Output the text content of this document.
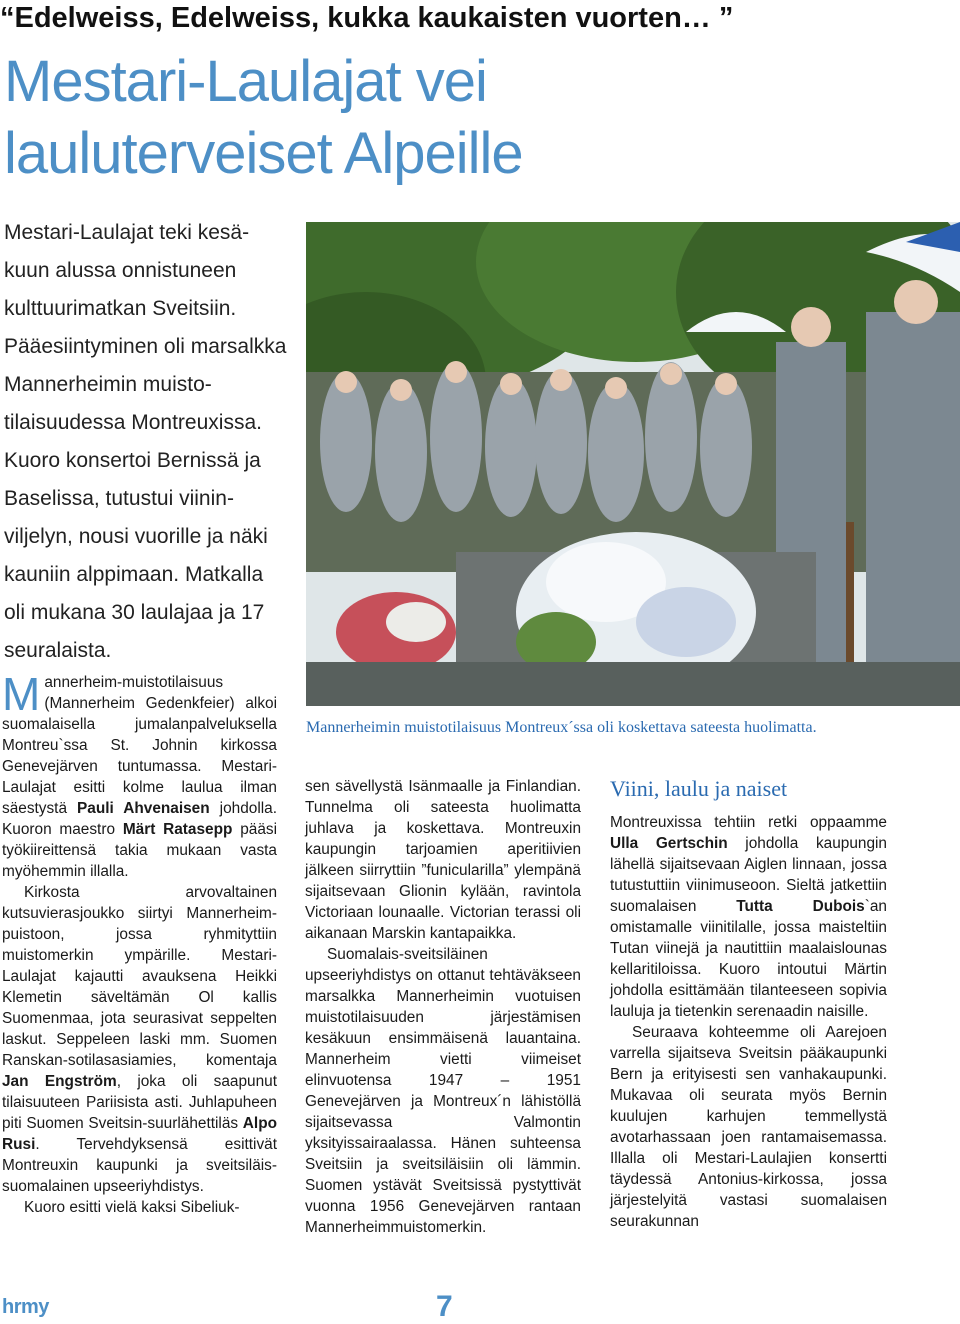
“Edelweiss, Edelweiss, kukka kaukaisten vuorten… ”
Mestari-Laulajat vei
lauluterveiset Alpeille
Mestari-Laulajat teki kesä-
kuun alussa onnistuneen
kulttuurimatkan Sveitsiin.
Pääesiintyminen oli marsalkka
Mannerheimin muisto-
tilaisuudessa Montreuxissa.
Kuoro konsertoi Bernissä ja
Baselissa, tutustui viinin-
viljelyn, nousi vuorille ja näki
kauniin alppimaan. Matkalla
oli mukana 30 laulajaa ja 17
seuralaista.
Mannerheimin muistotilaisuus Montreux´ssa oli koskettava sateesta huolimatta.

Mannerheim-muistotilaisuus (Mannerheim Gedenkfeier) alkoi suomalaisella jumalanpalveluksella Montreu`ssa St. Johnin kirkossa Genevejärven tuntumassa. Mestari-Laulajat esitti kolme laulua ilman säestystä Pauli Ahvenaisen johdolla. Kuoron maestro Märt Ratasepp pääsi työkiireittensä takia mukaan vasta myöhemmin illalla.

Kirkosta arvovaltainen kutsuvierasjoukko siirtyi Mannerheim-puistoon, jossa ryhmityttiin muistomerkin ympärille. Mestari-Laulajat kajautti avauksena Heikki Klemetin säveltämän Ol kallis Suomenmaa, jota seurasivat seppelten laskut. Seppeleen laski mm. Suomen Ranskan-sotilasasiamies, komentaja Jan Engström, joka oli saapunut tilaisuuteen Pariisista asti. Juhlapuheen piti Suomen Sveitsin-suurlähettiläs Alpo Rusi. Tervehdyksensä esittivät Montreuxin kaupunki ja sveitsiläis-suomalainen upseeriyhdistys.

Kuoro esitti vielä kaksi Sibeliuk-

sen sävellystä Isänmaalle ja Finlandian. Tunnelma oli sateesta huolimatta juhlava ja koskettava. Montreuxin kaupungin tarjoamien aperitiivien jälkeen siirryttiin ”funicularilla” ylempänä sijaitsevaan Glionin kylään, ravintola Victoriaan lounaalle. Victorian terassi oli aikanaan Marskin kantapaikka.

Suomalais-sveitsiläinen upseeriyhdistys on ottanut tehtäväkseen marsalkka Mannerheimin vuotuisen muistotilaisuuden järjestämisen kesäkuun ensimmäisenä lauantaina. Mannerheim vietti viimeiset elinvuotensa 1947 – 1951 Genevejärven ja Montreux´n lähistöllä sijaitsevassa Valmontin yksityissairaalassa. Hänen suhteensa Sveitsiin ja sveitsiläisiin oli lämmin. Suomen ystävät Sveitsissä pystyttivät vuonna 1956 Genevejärven rantaan Mannerheimmuistomerkin.

Viini, laulu ja naiset

Montreuxissa tehtiin retki oppaamme Ulla Gertschin johdolla kaupungin lähellä sijaitsevaan Aiglen linnaan, jossa tutustuttiin viinimuseoon. Sieltä jatkettiin suomalaisen Tutta Dubois`an omistamalle viinitilalle, jossa maisteltiin Tutan viinejä ja nautittiin maalaislounas kellaritiloissa. Kuoro intoutui Märtin johdolla esittämään tilanteeseen sopivia lauluja ja tietenkin serenaadin naisille.

Seuraava kohteemme oli Aarejoen varrella sijaitseva Sveitsin pääkaupunki Bern ja erityisesti sen vanhakaupunki. Mukavaa oli seurata myös Bernin kuulujen karhujen temmellystä avotarhassaan joen rantamaisemassa. Illalla oli Mestari-Laulajien konsertti täydessä Antonius-kirkossa, jossa järjestelyitä vastasi suomalaisen seurakunnan

hrmy	7
